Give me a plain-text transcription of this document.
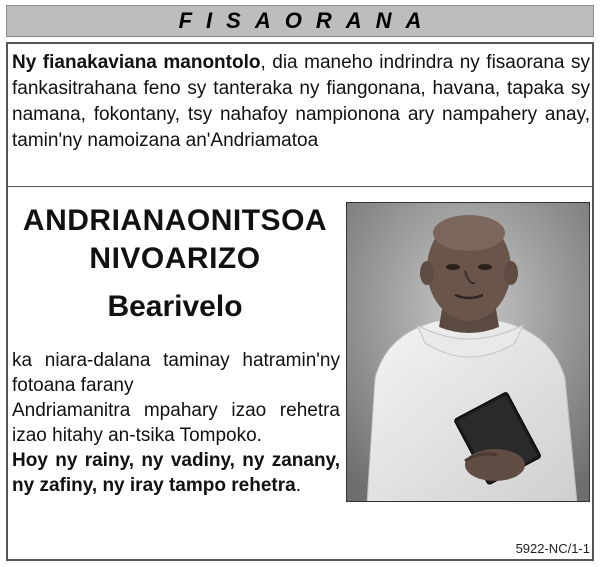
FISAORANA
Ny fianakaviana manontolo, dia maneho indrindra ny fisaorana sy fankasitrahana feno sy tanteraka ny fiangonana, havana, tapaka sy namana, fokontany, tsy nahafoy nampionona ary nampahery anay, tamin'ny namoizana an'Andriamatoa
ANDRIANAONITSOA
NIVOARIZO
Bearivelo

ka niara-dalana taminay hatramin'ny fotoana farany

Andriamanitra mpahary izao rehetra izao hitahy an-tsika Tompoko.

Hoy ny rainy, ny vadiny, ny zanany, ny zafiny, ny iray tampo rehetra.

5922-NC/1-1
